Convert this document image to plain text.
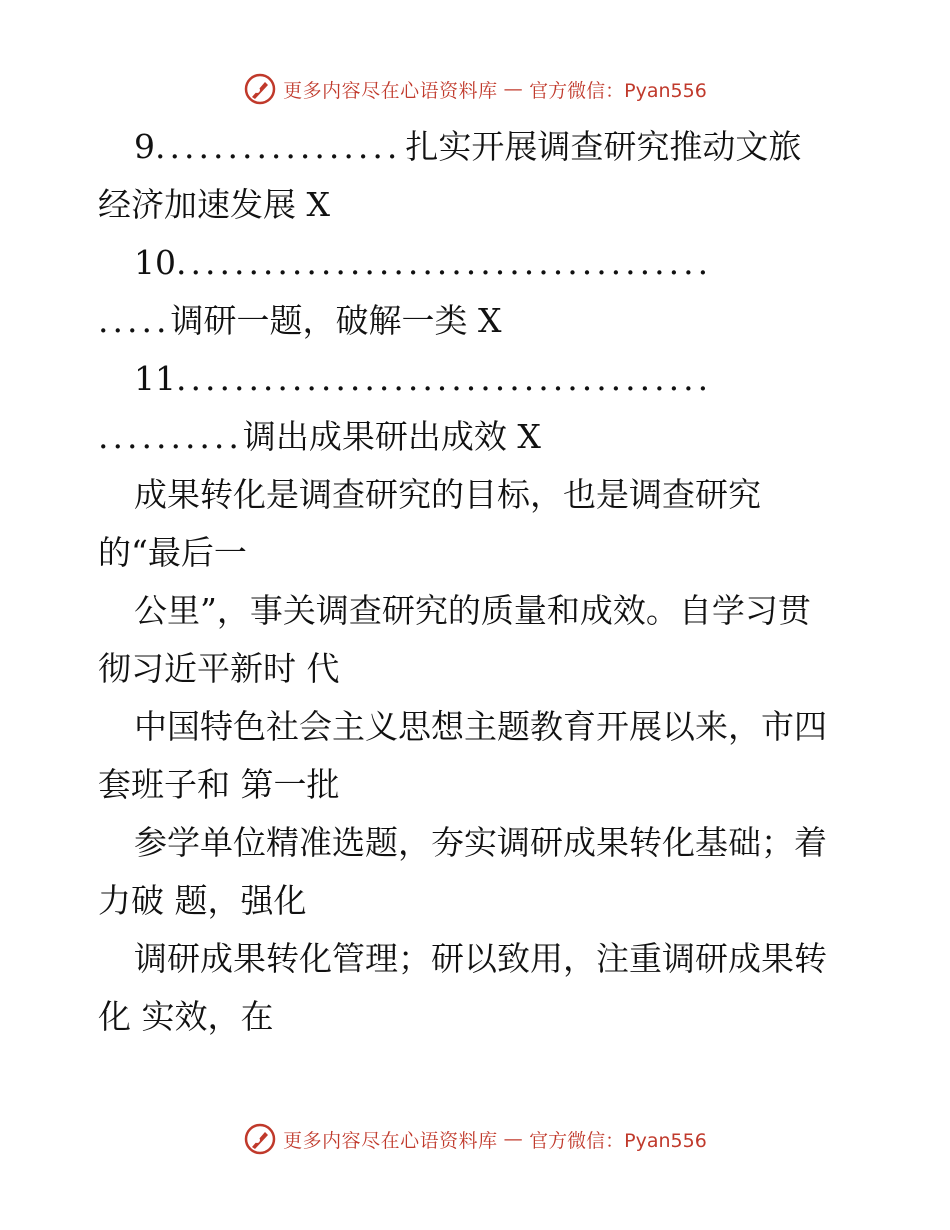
更多内容尽在心语资料库 — 官方微信：Pyan556
9. ................ 扎实开展调查研究推动文旅
经济加速发展 X
10. ....................................
.....调研一题，破解一类 X
11. ....................................
..........调出成果研出成效 X
成果转化是调查研究的目标，也是调查研究
的“最后一
公里”，事关调查研究的质量和成效。自学习贯
彻习近平新时 代
中国特色社会主义思想主题教育开展以来，市四
套班子和 第一批
参学单位精准选题，夯实调研成果转化基础；着
力破 题，强化
调研成果转化管理；研以致用，注重调研成果转
化 实效，在
更多内容尽在心语资料库 — 官方微信：Pyan556
